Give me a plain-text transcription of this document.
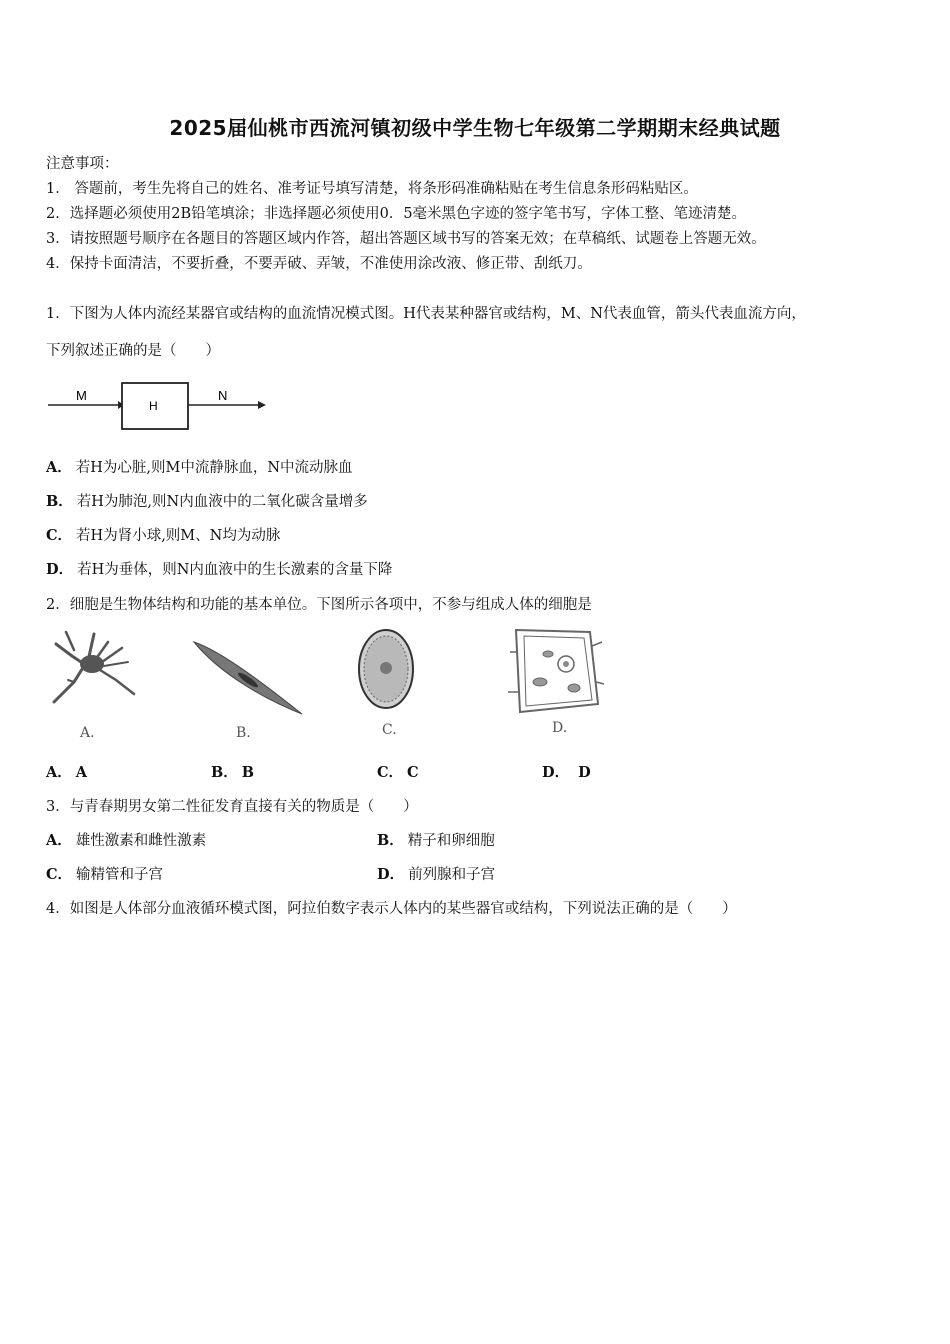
2025届仙桃市西流河镇初级中学生物七年级第二学期期末经典试题
注意事项：
1． 答题前，考生先将自己的姓名、准考证号填写清楚，将条形码准确粘贴在考生信息条形码粘贴区。
2．选择题必须使用2B铅笔填涂；非选择题必须使用0．5毫米黑色字迹的签字笔书写，字体工整、笔迹清楚。
3．请按照题号顺序在各题目的答题区域内作答，超出答题区域书写的答案无效；在草稿纸、试题卷上答题无效。
4．保持卡面清洁，不要折叠，不要弄破、弄皱，不准使用涂改液、修正带、刮纸刀。
1．下图为人体内流经某器官或结构的血流情况模式图。H代表某种器官或结构，M、N代表血管，箭头代表血流方向，
下列叙述正确的是（　　）
M
H
N
A． 若H为心脏,则M中流静脉血，N中流动脉血
B． 若H为肺泡,则N内血液中的二氧化碳含量增多
C． 若H为肾小球,则M、N均为动脉
D． 若H为垂体，则N内血液中的生长激素的含量下降
2．细胞是生物体结构和功能的基本单位。下图所示各项中，不参与组成人体的细胞是
A.	B.	C.	D.
A． A	B． B	C． C	D． D
3．与青春期男女第二性征发育直接有关的物质是（　　）
A． 雄性激素和雌性激素	B． 精子和卵细胞
C． 输精管和子宫	D． 前列腺和子宫
4．如图是人体部分血液循环模式图，阿拉伯数字表示人体内的某些器官或结构，下列说法正确的是（　　）
